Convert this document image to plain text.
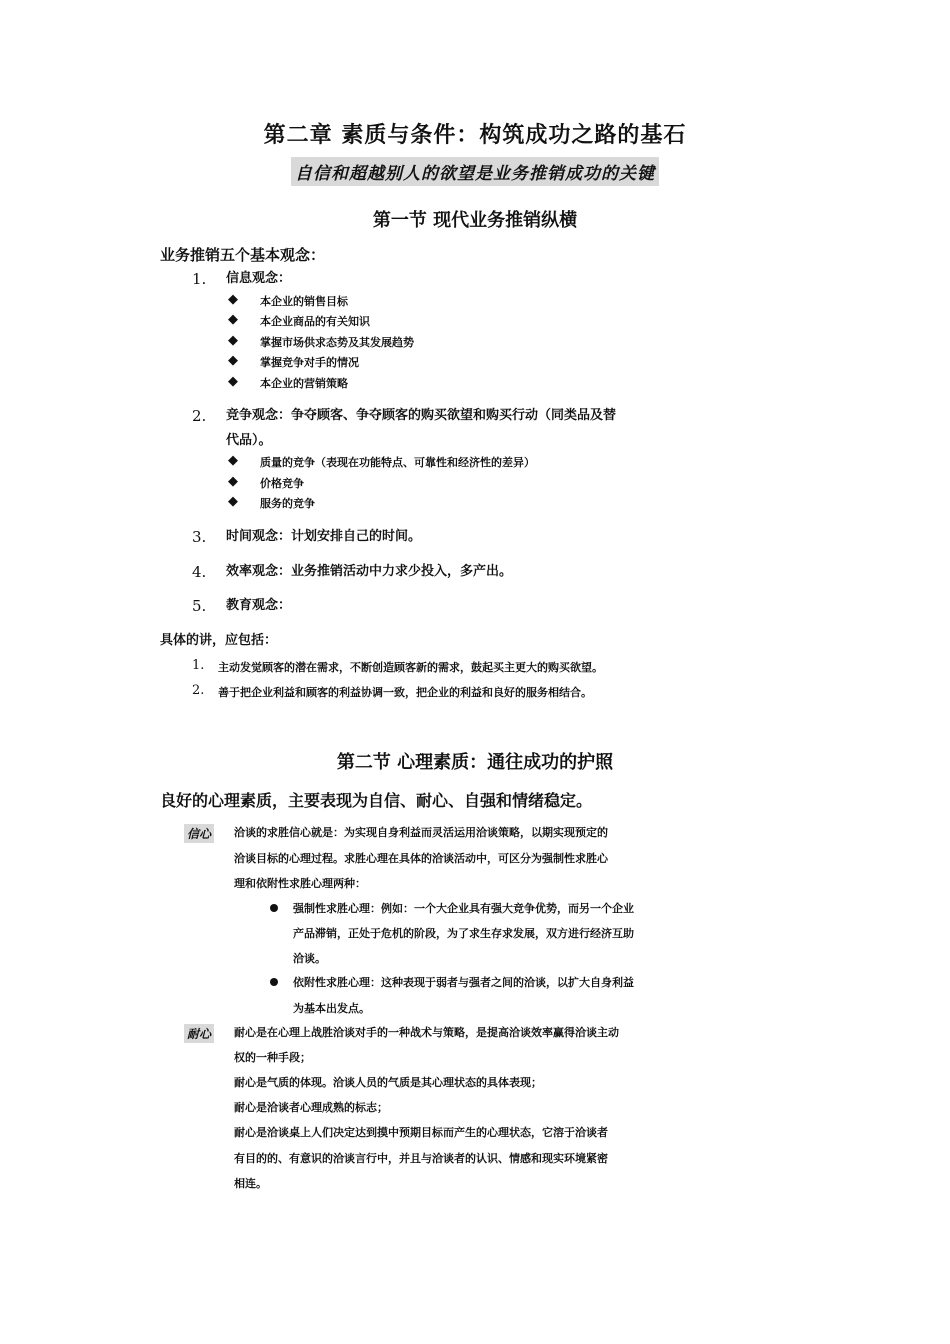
第二章 素质与条件：构筑成功之路的基石
自信和超越别人的欲望是业务推销成功的关键
第一节 现代业务推销纵横
业务推销五个基本观念：
1. 信息观念：
◆ 本企业的销售目标
◆ 本企业商品的有关知识
◆ 掌握市场供求态势及其发展趋势
◆ 掌握竞争对手的情况
◆ 本企业的营销策略
2. 竞争观念：争夺顾客、争夺顾客的购买欲望和购买行动（同类品及替
代品）。
◆ 质量的竞争（表现在功能特点、可靠性和经济性的差异）
◆ 价格竞争
◆ 服务的竞争
3. 时间观念：计划安排自己的时间。
4. 效率观念：业务推销活动中力求少投入，多产出。
5. 教育观念：
具体的讲，应包括：
1. 主动发觉顾客的潜在需求，不断创造顾客新的需求，鼓起买主更大的购买欲望。
2. 善于把企业利益和顾客的利益协调一致，把企业的利益和良好的服务相结合。
第二节 心理素质：通往成功的护照
良好的心理素质，主要表现为自信、耐心、自强和情绪稳定。
信心 洽谈的求胜信心就是：为实现自身利益而灵活运用洽谈策略，以期实现预定的
洽谈目标的心理过程。求胜心理在具体的洽谈活动中，可区分为强制性求胜心
理和依附性求胜心理两种：
强制性求胜心理：例如：一个大企业具有强大竞争优势，而另一个企业
产品滞销，正处于危机的阶段，为了求生存求发展，双方进行经济互助
洽谈。
依附性求胜心理：这种表现于弱者与强者之间的洽谈，以扩大自身利益
为基本出发点。
耐心 耐心是在心理上战胜洽谈对手的一种战术与策略，是提高洽谈效率赢得洽谈主动
权的一种手段；
耐心是气质的体现。洽谈人员的气质是其心理状态的具体表现；
耐心是洽谈者心理成熟的标志；
耐心是洽谈桌上人们决定达到摸中预期目标而产生的心理状态，它溶于洽谈者
有目的的、有意识的洽谈言行中，并且与洽谈者的认识、情感和现实环境紧密
相连。
